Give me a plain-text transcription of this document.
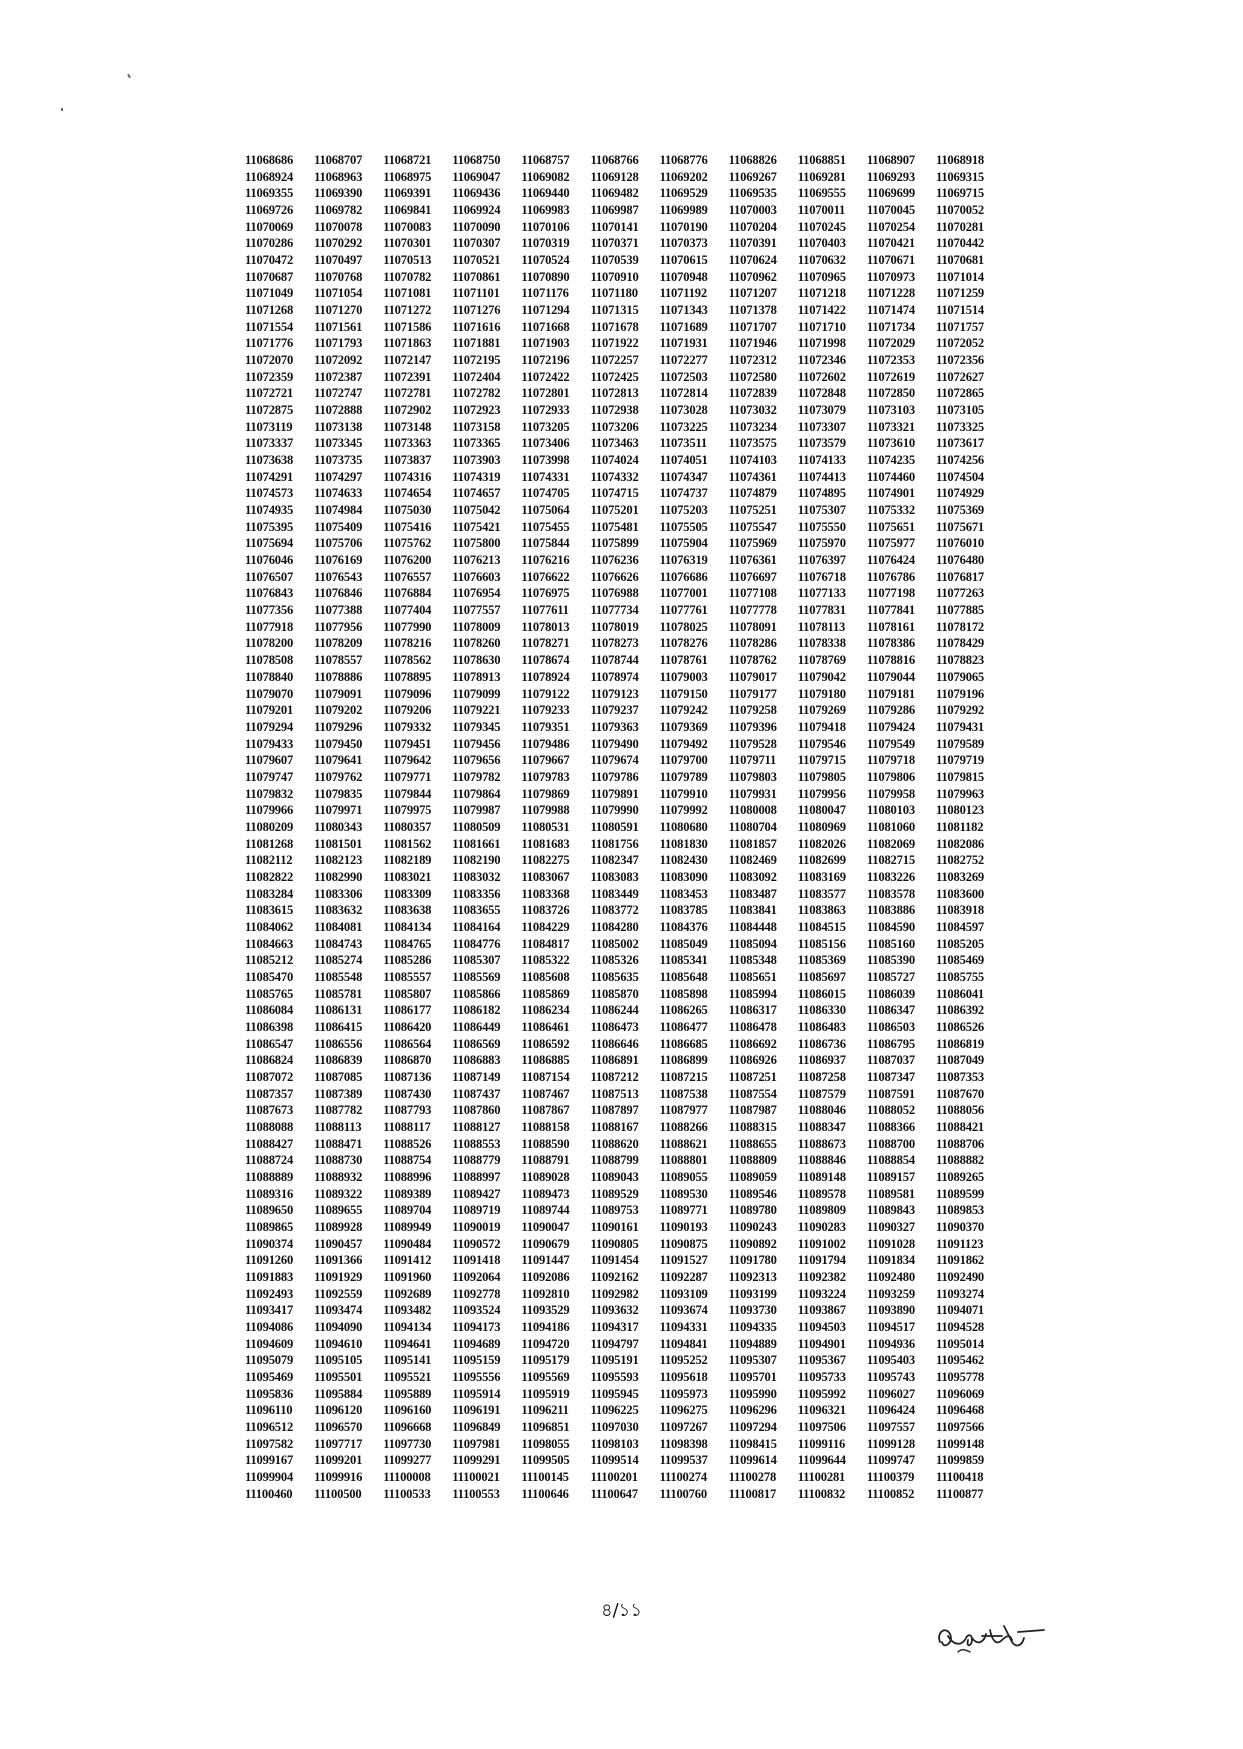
11068686	11068707	11068721	11068750	11068757	11068766	11068776	11068826	11068851	11068907	11068918
11068924	11068963	11068975	11069047	11069082	11069128	11069202	11069267	11069281	11069293	11069315
11069355	11069390	11069391	11069436	11069440	11069482	11069529	11069535	11069555	11069699	11069715
11069726	11069782	11069841	11069924	11069983	11069987	11069989	11070003	11070011	11070045	11070052
11070069	11070078	11070083	11070090	11070106	11070141	11070190	11070204	11070245	11070254	11070281
11070286	11070292	11070301	11070307	11070319	11070371	11070373	11070391	11070403	11070421	11070442
11070472	11070497	11070513	11070521	11070524	11070539	11070615	11070624	11070632	11070671	11070681
11070687	11070768	11070782	11070861	11070890	11070910	11070948	11070962	11070965	11070973	11071014
11071049	11071054	11071081	11071101	11071176	11071180	11071192	11071207	11071218	11071228	11071259
11071268	11071270	11071272	11071276	11071294	11071315	11071343	11071378	11071422	11071474	11071514
11071554	11071561	11071586	11071616	11071668	11071678	11071689	11071707	11071710	11071734	11071757
11071776	11071793	11071863	11071881	11071903	11071922	11071931	11071946	11071998	11072029	11072052
11072070	11072092	11072147	11072195	11072196	11072257	11072277	11072312	11072346	11072353	11072356
11072359	11072387	11072391	11072404	11072422	11072425	11072503	11072580	11072602	11072619	11072627
11072721	11072747	11072781	11072782	11072801	11072813	11072814	11072839	11072848	11072850	11072865
11072875	11072888	11072902	11072923	11072933	11072938	11073028	11073032	11073079	11073103	11073105
11073119	11073138	11073148	11073158	11073205	11073206	11073225	11073234	11073307	11073321	11073325
11073337	11073345	11073363	11073365	11073406	11073463	11073511	11073575	11073579	11073610	11073617
11073638	11073735	11073837	11073903	11073998	11074024	11074051	11074103	11074133	11074235	11074256
11074291	11074297	11074316	11074319	11074331	11074332	11074347	11074361	11074413	11074460	11074504
11074573	11074633	11074654	11074657	11074705	11074715	11074737	11074879	11074895	11074901	11074929
11074935	11074984	11075030	11075042	11075064	11075201	11075203	11075251	11075307	11075332	11075369
11075395	11075409	11075416	11075421	11075455	11075481	11075505	11075547	11075550	11075651	11075671
11075694	11075706	11075762	11075800	11075844	11075899	11075904	11075969	11075970	11075977	11076010
11076046	11076169	11076200	11076213	11076216	11076236	11076319	11076361	11076397	11076424	11076480
11076507	11076543	11076557	11076603	11076622	11076626	11076686	11076697	11076718	11076786	11076817
11076843	11076846	11076884	11076954	11076975	11076988	11077001	11077108	11077133	11077198	11077263
11077356	11077388	11077404	11077557	11077611	11077734	11077761	11077778	11077831	11077841	11077885
11077918	11077956	11077990	11078009	11078013	11078019	11078025	11078091	11078113	11078161	11078172
11078200	11078209	11078216	11078260	11078271	11078273	11078276	11078286	11078338	11078386	11078429
11078508	11078557	11078562	11078630	11078674	11078744	11078761	11078762	11078769	11078816	11078823
11078840	11078886	11078895	11078913	11078924	11078974	11079003	11079017	11079042	11079044	11079065
11079070	11079091	11079096	11079099	11079122	11079123	11079150	11079177	11079180	11079181	11079196
11079201	11079202	11079206	11079221	11079233	11079237	11079242	11079258	11079269	11079286	11079292
11079294	11079296	11079332	11079345	11079351	11079363	11079369	11079396	11079418	11079424	11079431
11079433	11079450	11079451	11079456	11079486	11079490	11079492	11079528	11079546	11079549	11079589
11079607	11079641	11079642	11079656	11079667	11079674	11079700	11079711	11079715	11079718	11079719
11079747	11079762	11079771	11079782	11079783	11079786	11079789	11079803	11079805	11079806	11079815
11079832	11079835	11079844	11079864	11079869	11079891	11079910	11079931	11079956	11079958	11079963
11079966	11079971	11079975	11079987	11079988	11079990	11079992	11080008	11080047	11080103	11080123
11080209	11080343	11080357	11080509	11080531	11080591	11080680	11080704	11080969	11081060	11081182
11081268	11081501	11081562	11081661	11081683	11081756	11081830	11081857	11082026	11082069	11082086
11082112	11082123	11082189	11082190	11082275	11082347	11082430	11082469	11082699	11082715	11082752
11082822	11082990	11083021	11083032	11083067	11083083	11083090	11083092	11083169	11083226	11083269
11083284	11083306	11083309	11083356	11083368	11083449	11083453	11083487	11083577	11083578	11083600
11083615	11083632	11083638	11083655	11083726	11083772	11083785	11083841	11083863	11083886	11083918
11084062	11084081	11084134	11084164	11084229	11084280	11084376	11084448	11084515	11084590	11084597
11084663	11084743	11084765	11084776	11084817	11085002	11085049	11085094	11085156	11085160	11085205
11085212	11085274	11085286	11085307	11085322	11085326	11085341	11085348	11085369	11085390	11085469
11085470	11085548	11085557	11085569	11085608	11085635	11085648	11085651	11085697	11085727	11085755
11085765	11085781	11085807	11085866	11085869	11085870	11085898	11085994	11086015	11086039	11086041
11086084	11086131	11086177	11086182	11086234	11086244	11086265	11086317	11086330	11086347	11086392
11086398	11086415	11086420	11086449	11086461	11086473	11086477	11086478	11086483	11086503	11086526
11086547	11086556	11086564	11086569	11086592	11086646	11086685	11086692	11086736	11086795	11086819
11086824	11086839	11086870	11086883	11086885	11086891	11086899	11086926	11086937	11087037	11087049
11087072	11087085	11087136	11087149	11087154	11087212	11087215	11087251	11087258	11087347	11087353
11087357	11087389	11087430	11087437	11087467	11087513	11087538	11087554	11087579	11087591	11087670
11087673	11087782	11087793	11087860	11087867	11087897	11087977	11087987	11088046	11088052	11088056
11088088	11088113	11088117	11088127	11088158	11088167	11088266	11088315	11088347	11088366	11088421
11088427	11088471	11088526	11088553	11088590	11088620	11088621	11088655	11088673	11088700	11088706
11088724	11088730	11088754	11088779	11088791	11088799	11088801	11088809	11088846	11088854	11088882
11088889	11088932	11088996	11088997	11089028	11089043	11089055	11089059	11089148	11089157	11089265
11089316	11089322	11089389	11089427	11089473	11089529	11089530	11089546	11089578	11089581	11089599
11089650	11089655	11089704	11089719	11089744	11089753	11089771	11089780	11089809	11089843	11089853
11089865	11089928	11089949	11090019	11090047	11090161	11090193	11090243	11090283	11090327	11090370
11090374	11090457	11090484	11090572	11090679	11090805	11090875	11090892	11091002	11091028	11091123
11091260	11091366	11091412	11091418	11091447	11091454	11091527	11091780	11091794	11091834	11091862
11091883	11091929	11091960	11092064	11092086	11092162	11092287	11092313	11092382	11092480	11092490
11092493	11092559	11092689	11092778	11092810	11092982	11093109	11093199	11093224	11093259	11093274
11093417	11093474	11093482	11093524	11093529	11093632	11093674	11093730	11093867	11093890	11094071
11094086	11094090	11094134	11094173	11094186	11094317	11094331	11094335	11094503	11094517	11094528
11094609	11094610	11094641	11094689	11094720	11094797	11094841	11094889	11094901	11094936	11095014
11095079	11095105	11095141	11095159	11095179	11095191	11095252	11095307	11095367	11095403	11095462
11095469	11095501	11095521	11095556	11095569	11095593	11095618	11095701	11095733	11095743	11095778
11095836	11095884	11095889	11095914	11095919	11095945	11095973	11095990	11095992	11096027	11096069
11096110	11096120	11096160	11096191	11096211	11096225	11096275	11096296	11096321	11096424	11096468
11096512	11096570	11096668	11096849	11096851	11097030	11097267	11097294	11097506	11097557	11097566
11097582	11097717	11097730	11097981	11098055	11098103	11098398	11098415	11099116	11099128	11099148
11099167	11099201	11099277	11099291	11099505	11099514	11099537	11099614	11099644	11099747	11099859
11099904	11099916	11100008	11100021	11100145	11100201	11100274	11100278	11100281	11100379	11100418
11100460	11100500	11100533	11100553	11100646	11100647	11100760	11100817	11100832	11100852	11100877
৪/১১
